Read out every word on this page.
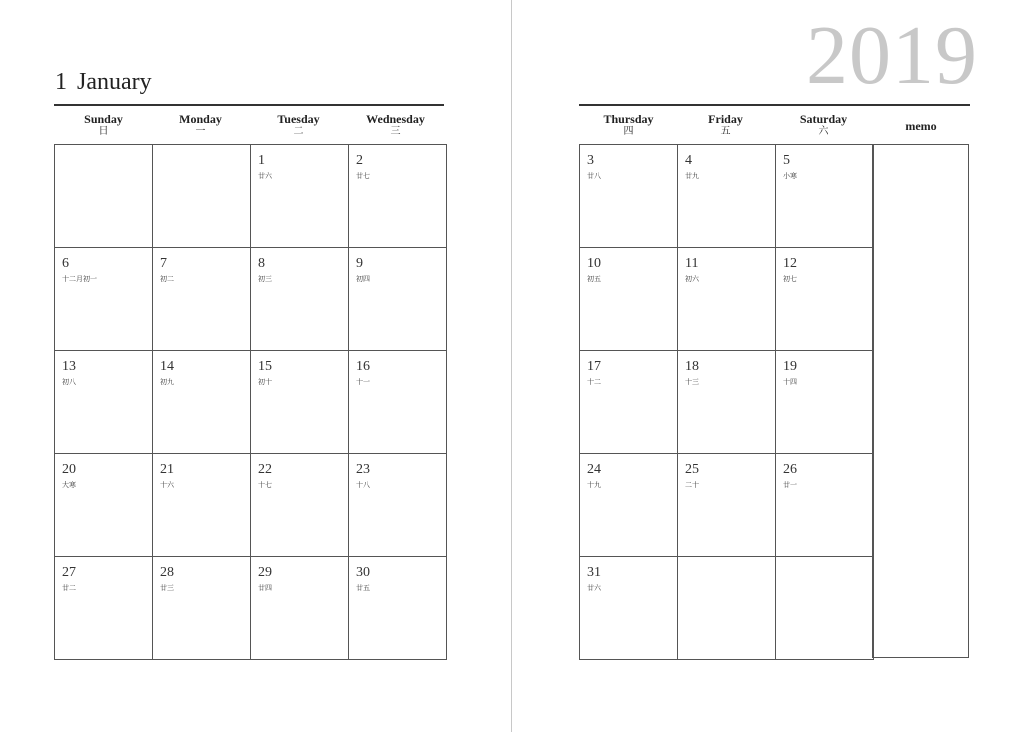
2019
1 January
Sunday
日
Monday
一
Tuesday
二
Wednesday
三
Thursday
四
Friday
五
Saturday
六	memo
1
廿六
2
廿七
6
十二月初一
7
初二
8
初三
9
初四
13
初八
14
初九
15
初十
16
十一
20
大寒
21
十六
22
十七
23
十八
27
廿二
28
廿三
29
廿四
30
廿五
3
廿八
4
廿九
5
小寒
10
初五
11
初六
12
初七
17
十二
18
十三
19
十四
24
十九
25
二十
26
廿一
31
廿六
